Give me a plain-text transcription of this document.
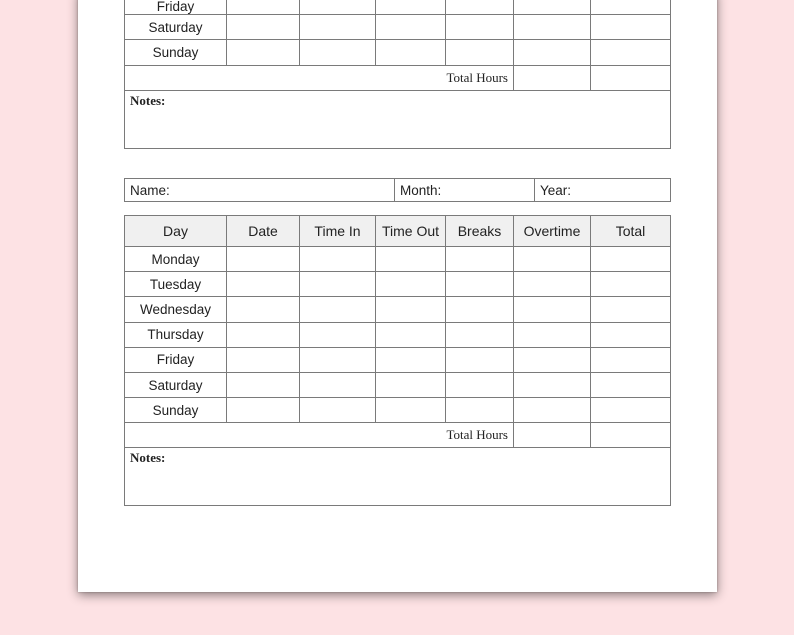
Friday						
Saturday						
Sunday						
Total Hours						

Notes:						
Name:	Month:	Year:
Day	Date	Time In	Time Out	Breaks	Overtime	Total
Monday						
Tuesday						
Wednesday						
Thursday						
Friday						
Saturday						
Sunday						
Total Hours						

Notes:						
